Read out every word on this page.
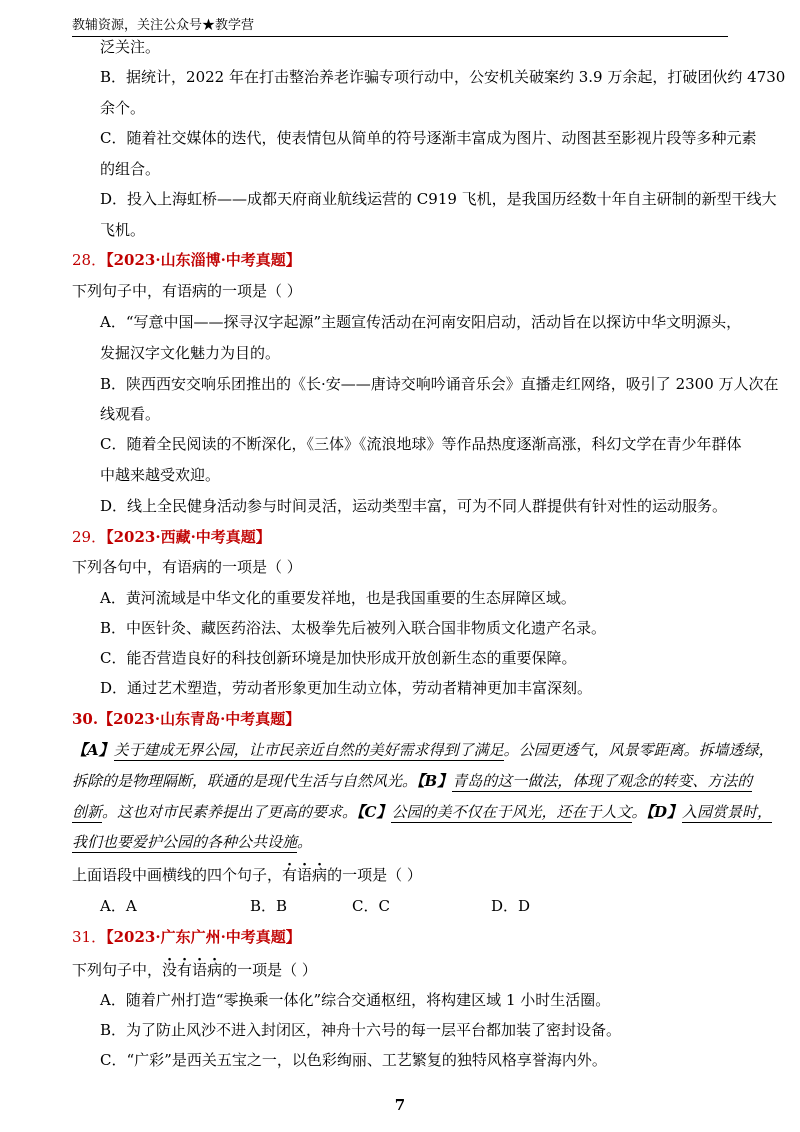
教辅资源，关注公众号★教学营
泛关注。
B．据统计，2022 年在打击整治养老诈骗专项行动中，公安机关破案约 3.9 万余起，打破团伙约 4730
余个。
C．随着社交媒体的迭代，使表情包从简单的符号逐渐丰富成为图片、动图甚至影视片段等多种元素
的组合。
D．投入上海虹桥——成都天府商业航线运营的 C919 飞机，是我国历经数十年自主研制的新型干线大
飞机。
28．【2023·山东淄博·中考真题】
下列句子中，有语病的一项是（ ）
A．“写意中国——探寻汉字起源”主题宣传活动在河南安阳启动，活动旨在以探访中华文明源头，
发掘汉字文化魅力为目的。
B．陕西西安交响乐团推出的《长·安——唐诗交响吟诵音乐会》直播走红网络，吸引了 2300 万人次在
线观看。
C．随着全民阅读的不断深化，《三体》《流浪地球》等作品热度逐渐高涨，科幻文学在青少年群体
中越来越受欢迎。
D．线上全民健身活动参与时间灵活，运动类型丰富，可为不同人群提供有针对性的运动服务。
29．【2023·西藏·中考真题】
下列各句中，有语病的一项是（ ）
A．黄河流域是中华文化的重要发祥地，也是我国重要的生态屏障区域。
B．中医针灸、藏医药浴法、太极拳先后被列入联合国非物质文化遗产名录。
C．能否营造良好的科技创新环境是加快形成开放创新生态的重要保障。
D．通过艺术塑造，劳动者形象更加生动立体，劳动者精神更加丰富深刻。
30.【2023·山东青岛·中考真题】
【A】关于建成无界公园，让市民亲近自然的美好需求得到了满足。公园更透气，风景零距离。拆墙透绿，
拆除的是物理隔断，联通的是现代生活与自然风光。【B】青岛的这一做法，体现了观念的转变、方法的
创新。这也对市民素养提出了更高的要求。【C】公园的美不仅在于风光，还在于人文。【D】入园赏景时，
我们也要爱护公园的各种公共设施。
上面语段中画横线的四个句子，有语病的一项是（ ）
A．A	B．B	C．C	D．D
31．【2023·广东广州·中考真题】
下列句子中，没有语病的一项是（ ）
A．随着广州打造“零换乘一体化”综合交通枢纽，将构建区域 1 小时生活圈。
B．为了防止风沙不进入封闭区，神舟十六号的每一层平台都加装了密封设备。
C．“广彩”是西关五宝之一，以色彩绚丽、工艺繁复的独特风格享誉海内外。
7
